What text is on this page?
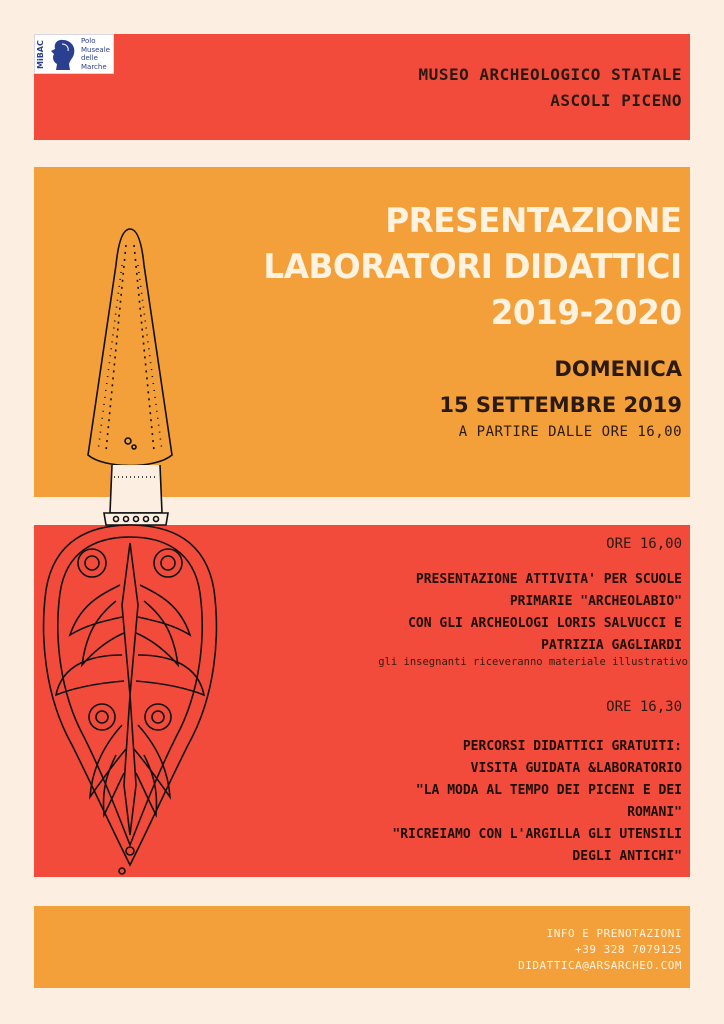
MiBAC	Polo
Museale
delle
Marche	MUSEO ARCHEOLOGICO STATALE
ASCOLI PICENO
PRESENTAZIONE
LABORATORI DIDATTICI
2019-2020
DOMENICA
15 SETTEMBRE 2019
A PARTIRE DALLE ORE 16,00
ORE 16,00
PRESENTAZIONE ATTIVITA' PER SCUOLE
PRIMARIE "ARCHEOLABIO"
CON GLI ARCHEOLOGI LORIS SALVUCCI E
PATRIZIA GAGLIARDI
gli insegnanti riceveranno materiale illustrativo
ORE 16,30
PERCORSI DIDATTICI GRATUITI:
VISITA GUIDATA &LABORATORIO
"LA MODA AL TEMPO DEI PICENI E DEI
ROMANI"
"RICREIAMO CON L'ARGILLA GLI UTENSILI
DEGLI ANTICHI"
INFO E PRENOTAZIONI
+39 328 7079125
DIDATTICA@ARSARCHEO.COM
